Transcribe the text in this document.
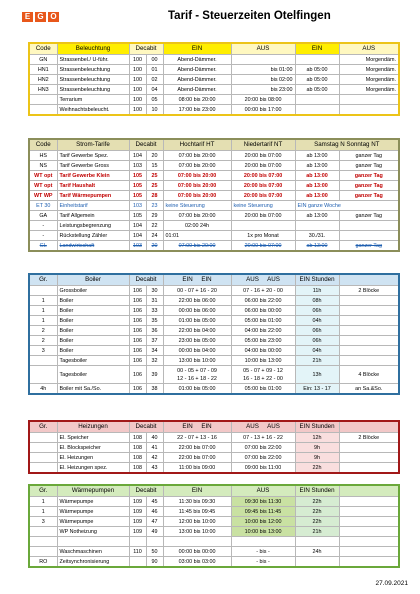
E G O	Tarif - Steuerzeiten Otelfingen
Code	Beleuchtung	Decabit		EIN	AUS	EIN	AUS
GN	Strassenbel./ U-führ.	100	00	Abend-Dämmer.			Morgendäm.
HN1	Strassenbeleuchtung	100	01	Abend-Dämmer.	bis 01:00	ab 05:00	Morgendäm.
HN2	Strassenbeleuchtung	100	02	Abend-Dämmer.	bis 02:00	ab 05:00	Morgendäm.
HN3	Strassenbeleuchtung	100	04	Abend-Dämmer.	bis 23:00	ab 05:00	Morgendäm.
	Terrarium	100	05	08:00 bis 20:00	20:00 bis 08:00		
	Weihnachtsbeleucht.	100	10	17:00 bis 23:00	00:00 bis 17:00		
Code	Strom-Tarife	Decabit		Hochtarif HT	Niedertarif NT	Samstag N Sonntag NT	
HS	Tarif Gewerbe Spez.	104	20	07:00 bis 20:00	20:00 bis 07:00	ab 13:00	ganzer Tag
NS	Tarif Gewerbe Gross	103	15	07:00 bis 20:00	20:00 bis 07:00	ab 13:00	ganzer Tag
WT opt	Tarif Gewerbe Klein	105	25	07:00 bis 20:00	20:00 bis 07:00	ab 13:00	ganzer Tag
WT opt	Tarif Haushalt	105	25	07:00 bis 20:00	20:00 bis 07:00	ab 13:00	ganzer Tag
WT WP	Tarif Wärmepumpen	105	28	07:00 bis 20:00	20:00 bis 07:00	ab 13:00	ganzer Tag
ET 30	Einheitstarif	103	23	keine Steuerung	keine Steuerung	EIN ganze Woche	
GA	Tarif Allgemein	105	29	07:00 bis 20:00	20:00 bis 07:00	ab 13:00	ganzer Tag
-	Leistungsbegrenzung	104	22	02:00 24h			
-	Rückstellung Zähler	104	24	01:01	1x pro Monat	30./31.	
GL	Landwirtschaft	103	20	07:00 bis 20:00	20:00 bis 07:00	ab 13:00	ganzer Tag
Gr.	Boiler	Decabit		EIN EIN	AUS AUS	EIN Stunden	
	Grossboiler	106	30	00 - 07 + 16 - 20	07 - 16 + 20 - 00	11h	2 Blöcke
1	Boiler	106	31	22:00 bis 06:00	06:00 bis 22:00	08h	
1	Boiler	106	33	00:00 bis 06:00	06:00 bis 00:00	06h	
1	Boiler	106	35	01:00 bis 05:00	05:00 bis 01:00	04h	
2	Boiler	106	36	22:00 bis 04:00	04:00 bis 22:00	06h	
2	Boiler	106	37	23:00 bis 05:00	05:00 bis 23:00	06h	
3	Boiler	106	34	00:00 bis 04:00	04:00 bis 00:00	04h	
	Tagesboiler	106	32	13:00 bis 10:00	10:00 bis 13:00	21h	
	Tagesboiler	106	39	00 - 05 + 07 - 09
12 - 16 + 18 - 22	05 - 07 + 09 - 12
16 - 18 + 22 - 00	13h	4 Blöcke
4h	Boiler mit Sa./So.	106	38	01:00 bis 05:00	05:00 bis 01:00	Ein: 13 - 17	an Sa.&So.
Gr.	Heizungen	Decabit		EIN EIN	AUS AUS	EIN Stunden	
	El. Speicher	108	40	22 - 07 + 13 - 16	07 - 13 + 16 - 22	12h	2 Blöcke
	El. Blockspeicher	108	41	22:00 bis 07:00	07:00 bis 22:00	9h	
	El. Heizungen	108	42	22:00 bis 07:00	07:00 bis 22:00	9h	
	El. Heizungen spez.	108	43	11:00 bis 09:00	09:00 bis 11:00	22h	
Gr.	Wärmepumpen	Decabit		EIN	AUS	EIN Stunden	
1	Wärmepumpe	109	45	11:30 bis 09:30	09:30 bis 11:30	22h	
1	Wärmepumpe	109	46	11:45 bis 09:45	09:45 bis 11:45	22h	
3	Wärmepumpe	109	47	12:00 bis 10:00	10:00 bis 12:00	22h	
	WP Notheizung	109	49	13:00 bis 10:00	10:00 bis 13:00	21h	

	Waschmaschinen	110	50	00:00 bis 00:00	- bis -	24h	
RO	Zeitsynchronisierung		90	03:00 bis 03:00	- bis -		
27.09.2021
